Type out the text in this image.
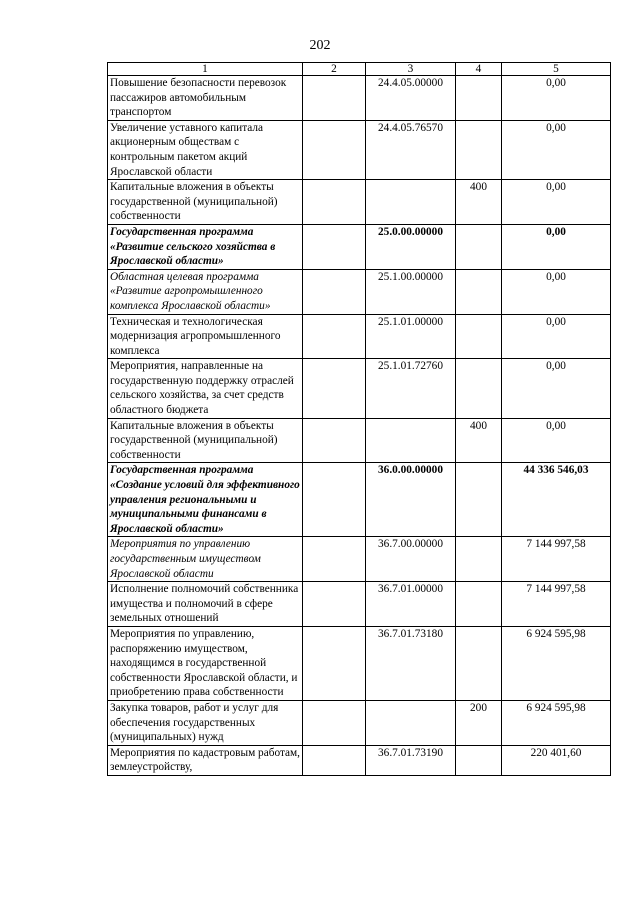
202
1	2	3	4	5
Повышение безопасности перевозок пассажиров автомобильным транспортом		24.4.05.00000		0,00
Увеличение уставного капитала акционерным обществам с контрольным пакетом акций Ярославской области		24.4.05.76570		0,00
Капитальные вложения в объекты государственной (муниципальной) собственности			400	0,00
Государственная программа «Развитие сельского хозяйства в Ярославской области»		25.0.00.00000		0,00
Областная целевая программа «Развитие агропромышленного комплекса Ярославской области»		25.1.00.00000		0,00
Техническая и технологическая модернизация агропромышленного комплекса		25.1.01.00000		0,00
Мероприятия, направленные на государственную поддержку отраслей сельского хозяйства, за счет средств областного бюджета		25.1.01.72760		0,00
Капитальные вложения в объекты государственной (муниципальной) собственности			400	0,00
Государственная программа «Создание условий для эффективного управления региональными и муниципальными финансами в Ярославской области»		36.0.00.00000		44 336 546,03
Мероприятия по управлению государственным имуществом Ярославской области		36.7.00.00000		7 144 997,58
Исполнение полномочий собственника имущества и полномочий в сфере земельных отношений		36.7.01.00000		7 144 997,58
Мероприятия по управлению, распоряжению имуществом, находящимся в государственной собственности Ярославской области, и приобретению права собственности		36.7.01.73180		6 924 595,98
Закупка товаров, работ и услуг для обеспечения государственных (муниципальных) нужд			200	6 924 595,98
Мероприятия по кадастровым работам, землеустройству,		36.7.01.73190		220 401,60
